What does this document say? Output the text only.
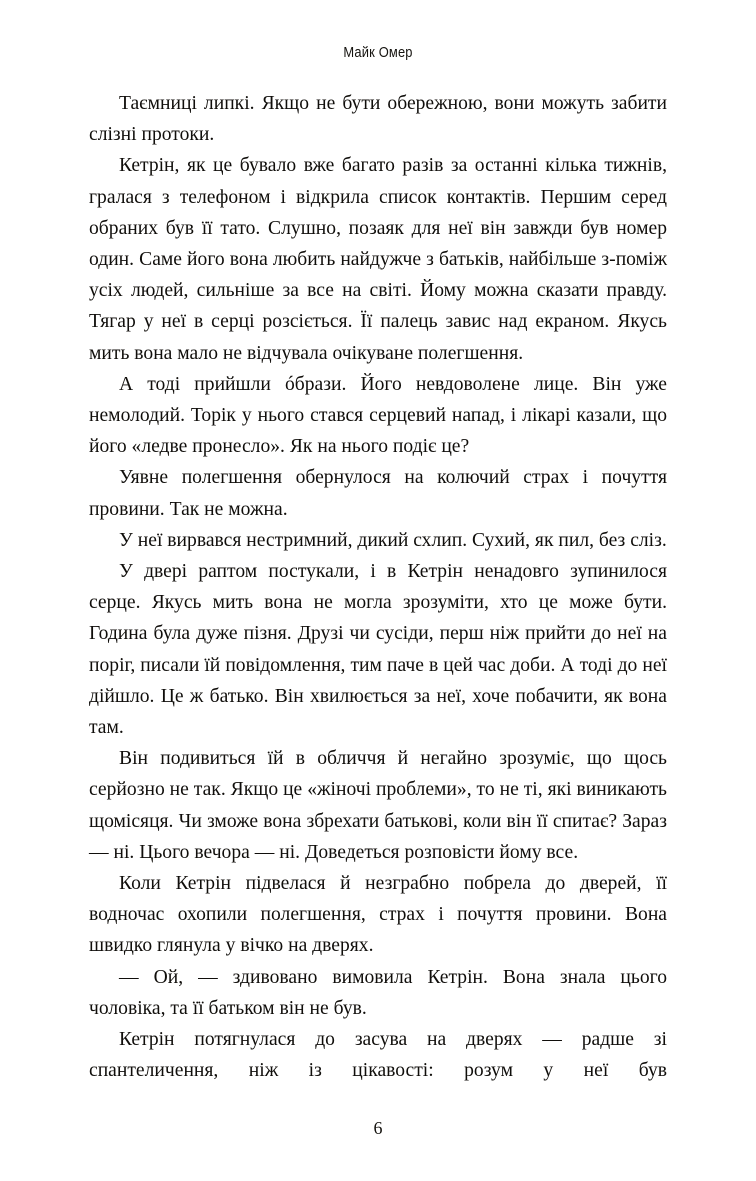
Майк Омер

Таємниці липкі. Якщо не бути обережною, вони можуть забити слізні протоки.

Кетрін, як це бувало вже багато разів за останні кілька тижнів, гралася з телефоном і відкрила список контактів. Першим серед обраних був її тато. Слушно, позаяк для неї він завжди був номер один. Саме його вона любить найдужче з батьків, найбільше з-поміж усіх людей, сильніше за все на світі. Йому можна сказати правду. Тягар у неї в серці розсіється. Її палець завис над екраном. Якусь мить вона мало не відчувала очікуване полегшення.

А тоді прийшли óбрази. Його невдоволене лице. Він уже немолодий. Торік у нього стався серцевий напад, і лікарі казали, що його «ледве пронесло». Як на нього подіє це?

Уявне полегшення обернулося на колючий страх і почуття провини. Так не можна.

У неї вирвався нестримний, дикий схлип. Сухий, як пил, без сліз.

У двері раптом постукали, і в Кетрін ненадовго зупинилося серце. Якусь мить вона не могла зрозуміти, хто це може бути. Година була дуже пізня. Друзі чи сусіди, перш ніж прийти до неї на поріг, писали їй повідомлення, тим паче в цей час доби. А тоді до неї дійшло. Це ж батько. Він хвилюється за неї, хоче побачити, як вона там.

Він подивиться їй в обличчя й негайно зрозуміє, що щось серйозно не так. Якщо це «жіночі проблеми», то не ті, які виникають щомісяця. Чи зможе вона збрехати батькові, коли він її спитає? Зараз — ні. Цього вечора — ні. Доведеться розповісти йому все.

Коли Кетрін підвелася й незграбно побрела до дверей, її водночас охопили полегшення, страх і почуття провини. Вона швидко глянула у вічко на дверях.

— Ой, — здивовано вимовила Кетрін. Вона знала цього чоловіка, та її батьком він не був.

Кетрін потягнулася до засува на дверях — радше зі спантеличення, ніж із цікавості: розум у неї був

6
